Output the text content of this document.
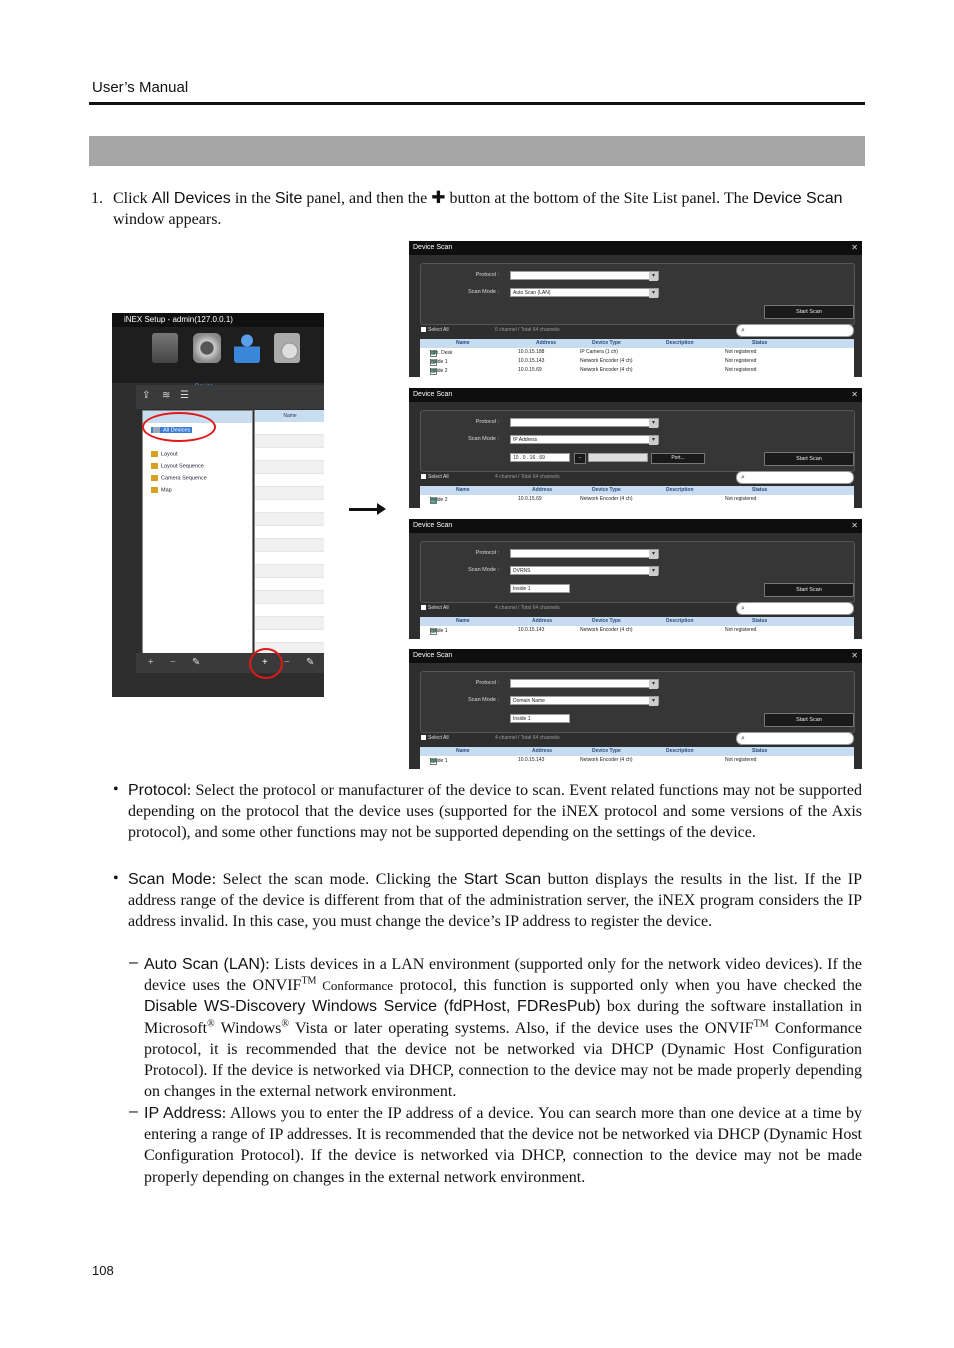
User’s Manual
1. Click All Devices in the Site panel, and then the ✚ button at the bottom of the Site List panel. The Device Scan window appears.
iNEX Setup - admin(127.0.0.1)
⇪	≋ ☰
All Devices
Layout
Layout Sequence
Camera Sequence
Map
Name
+ − ✎	+ − ✎
Device Scan	✕
Protocol :
▾
Scan Mode :	Auto Scan (LAN) ▾
Start Scan
Select All	6 channel / Total 64 channels	⌕
Name	Address	Device Type	Description	Status
Info. Desk	10.0.15.188	IP Camera (1 ch)	Not registered
Inside 1	10.0.15.143	Network Encoder (4 ch)	Not registered
Inside 2	10.0.15.69	Network Encoder (4 ch)	Not registered
Device Scan	✕
Protocol :
▾
Scan Mode :	IP Address ▾
10 . 0 . 16 . 69	–	Port...	Start Scan
Select All	4 channel / Total 64 channels	⌕
Name	Address	Device Type	Description	Status
Inside 2	10.0.15.69	Network Encoder (4 ch)	Not registered
Device Scan	✕
Protocol :
▾
Scan Mode :	DVRNS ▾
Inside 1	Start Scan
Select All	4 channel / Total 64 channels	⌕
Name	Address	Device Type	Description	Status
Inside 1	10.0.15.143	Network Encoder (4 ch)	Not registered
Device Scan	✕
Protocol :
▾
Scan Mode :	Domain Name ▾
Inside 1	Start Scan
Select All	4 channel / Total 64 channels	⌕
Name	Address	Device Type	Description	Status
Inside 1	10.0.15.143	Network Encoder (4 ch)	Not registered
• Protocol: Select the protocol or manufacturer of the device to scan. Event related functions may not be supported depending on the protocol that the device uses (supported for the iNEX protocol and some versions of the Axis protocol), and some other functions may not be supported depending on the settings of the device.
• Scan Mode: Select the scan mode. Clicking the Start Scan button displays the results in the list. If the IP address range of the device is different from that of the administration server, the iNEX program considers the IP address invalid. In this case, you must change the device’s IP address to register the device.
– Auto Scan (LAN): Lists devices in a LAN environment (supported only for the network video devices). If the device uses the ONVIF™ Conformance protocol, this function is supported only when you have checked the Disable WS-Discovery Windows Service (fdPHost, FDResPub) box during the software installation in Microsoft® Windows® Vista or later operating systems. Also, if the device uses the ONVIF™ Conformance protocol, it is recommended that the device not be networked via DHCP (Dynamic Host Configuration Protocol). If the device is networked via DHCP, connection to the device may not be made properly depending on changes in the external network environment.
– IP Address: Allows you to enter the IP address of a device. You can search more than one device at a time by entering a range of IP addresses. It is recommended that the device not be networked via DHCP (Dynamic Host Configuration Protocol). If the device is networked via DHCP, connection to the device may not be made properly depending on changes in the external network environment.
108
